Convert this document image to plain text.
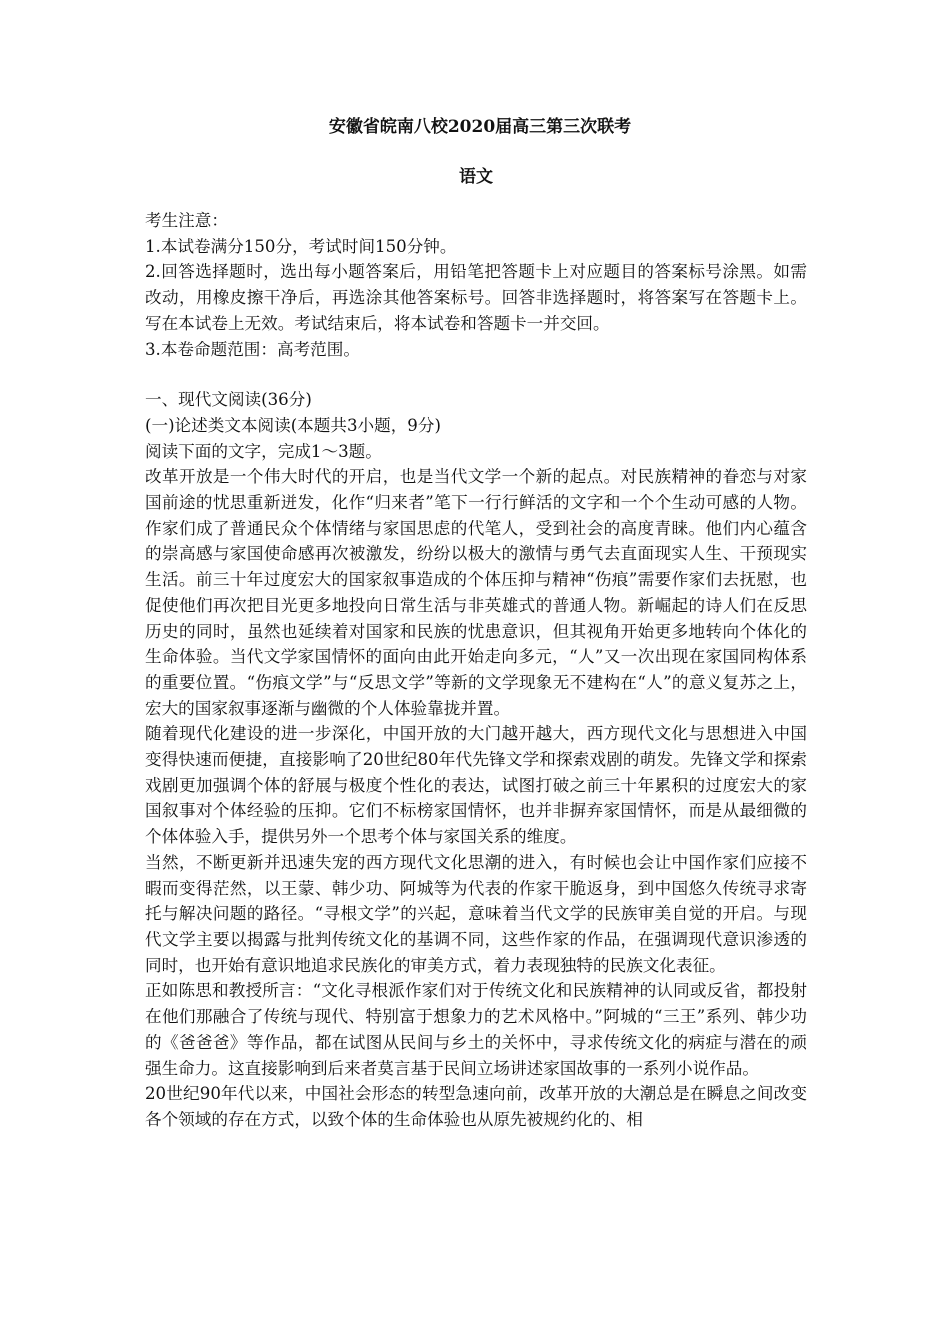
安徽省皖南八校2020届高三第三次联考
语文

考生注意：

1.本试卷满分150分，考试时间150分钟。

2.回答选择题时，选出每小题答案后，用铅笔把答题卡上对应题目的答案标号涂黑。如需改动，用橡皮擦干净后，再选涂其他答案标号。回答非选择题时，将答案写在答题卡上。写在本试卷上无效。考试结束后，将本试卷和答题卡一并交回。

3.本卷命题范围：高考范围。

一、现代文阅读(36分)

(一)论述类文本阅读(本题共3小题，9分)

阅读下面的文字，完成1～3题。

改革开放是一个伟大时代的开启，也是当代文学一个新的起点。对民族精神的眷恋与对家国前途的忧思重新迸发，化作“归来者”笔下一行行鲜活的文字和一个个生动可感的人物。作家们成了普通民众个体情绪与家国思虑的代笔人，受到社会的高度青睐。他们内心蕴含的崇高感与家国使命感再次被激发，纷纷以极大的激情与勇气去直面现实人生、干预现实生活。前三十年过度宏大的国家叙事造成的个体压抑与精神“伤痕”需要作家们去抚慰，也促使他们再次把目光更多地投向日常生活与非英雄式的普通人物。新崛起的诗人们在反思历史的同时，虽然也延续着对国家和民族的忧患意识，但其视角开始更多地转向个体化的生命体验。当代文学家国情怀的面向由此开始走向多元，“人”又一次出现在家国同构体系的重要位置。“伤痕文学”与“反思文学”等新的文学现象无不建构在“人”的意义复苏之上，宏大的国家叙事逐渐与幽微的个人体验靠拢并置。

随着现代化建设的进一步深化，中国开放的大门越开越大，西方现代文化与思想进入中国变得快速而便捷，直接影响了20世纪80年代先锋文学和探索戏剧的萌发。先锋文学和探索戏剧更加强调个体的舒展与极度个性化的表达，试图打破之前三十年累积的过度宏大的家国叙事对个体经验的压抑。它们不标榜家国情怀，也并非摒弃家国情怀，而是从最细微的个体体验入手，提供另外一个思考个体与家国关系的维度。

当然，不断更新并迅速失宠的西方现代文化思潮的进入，有时候也会让中国作家们应接不暇而变得茫然，以王蒙、韩少功、阿城等为代表的作家干脆返身，到中国悠久传统寻求寄托与解决问题的路径。“寻根文学”的兴起，意味着当代文学的民族审美自觉的开启。与现代文学主要以揭露与批判传统文化的基调不同，这些作家的作品，在强调现代意识渗透的同时，也开始有意识地追求民族化的审美方式，着力表现独特的民族文化表征。

正如陈思和教授所言：“文化寻根派作家们对于传统文化和民族精神的认同或反省，都投射在他们那融合了传统与现代、特别富于想象力的艺术风格中。”阿城的“三王”系列、韩少功的《爸爸爸》等作品，都在试图从民间与乡土的关怀中，寻求传统文化的病症与潜在的顽强生命力。这直接影响到后来者莫言基于民间立场讲述家国故事的一系列小说作品。

20世纪90年代以来，中国社会形态的转型急速向前，改革开放的大潮总是在瞬息之间改变各个领域的存在方式，以致个体的生命体验也从原先被规约化的、相
